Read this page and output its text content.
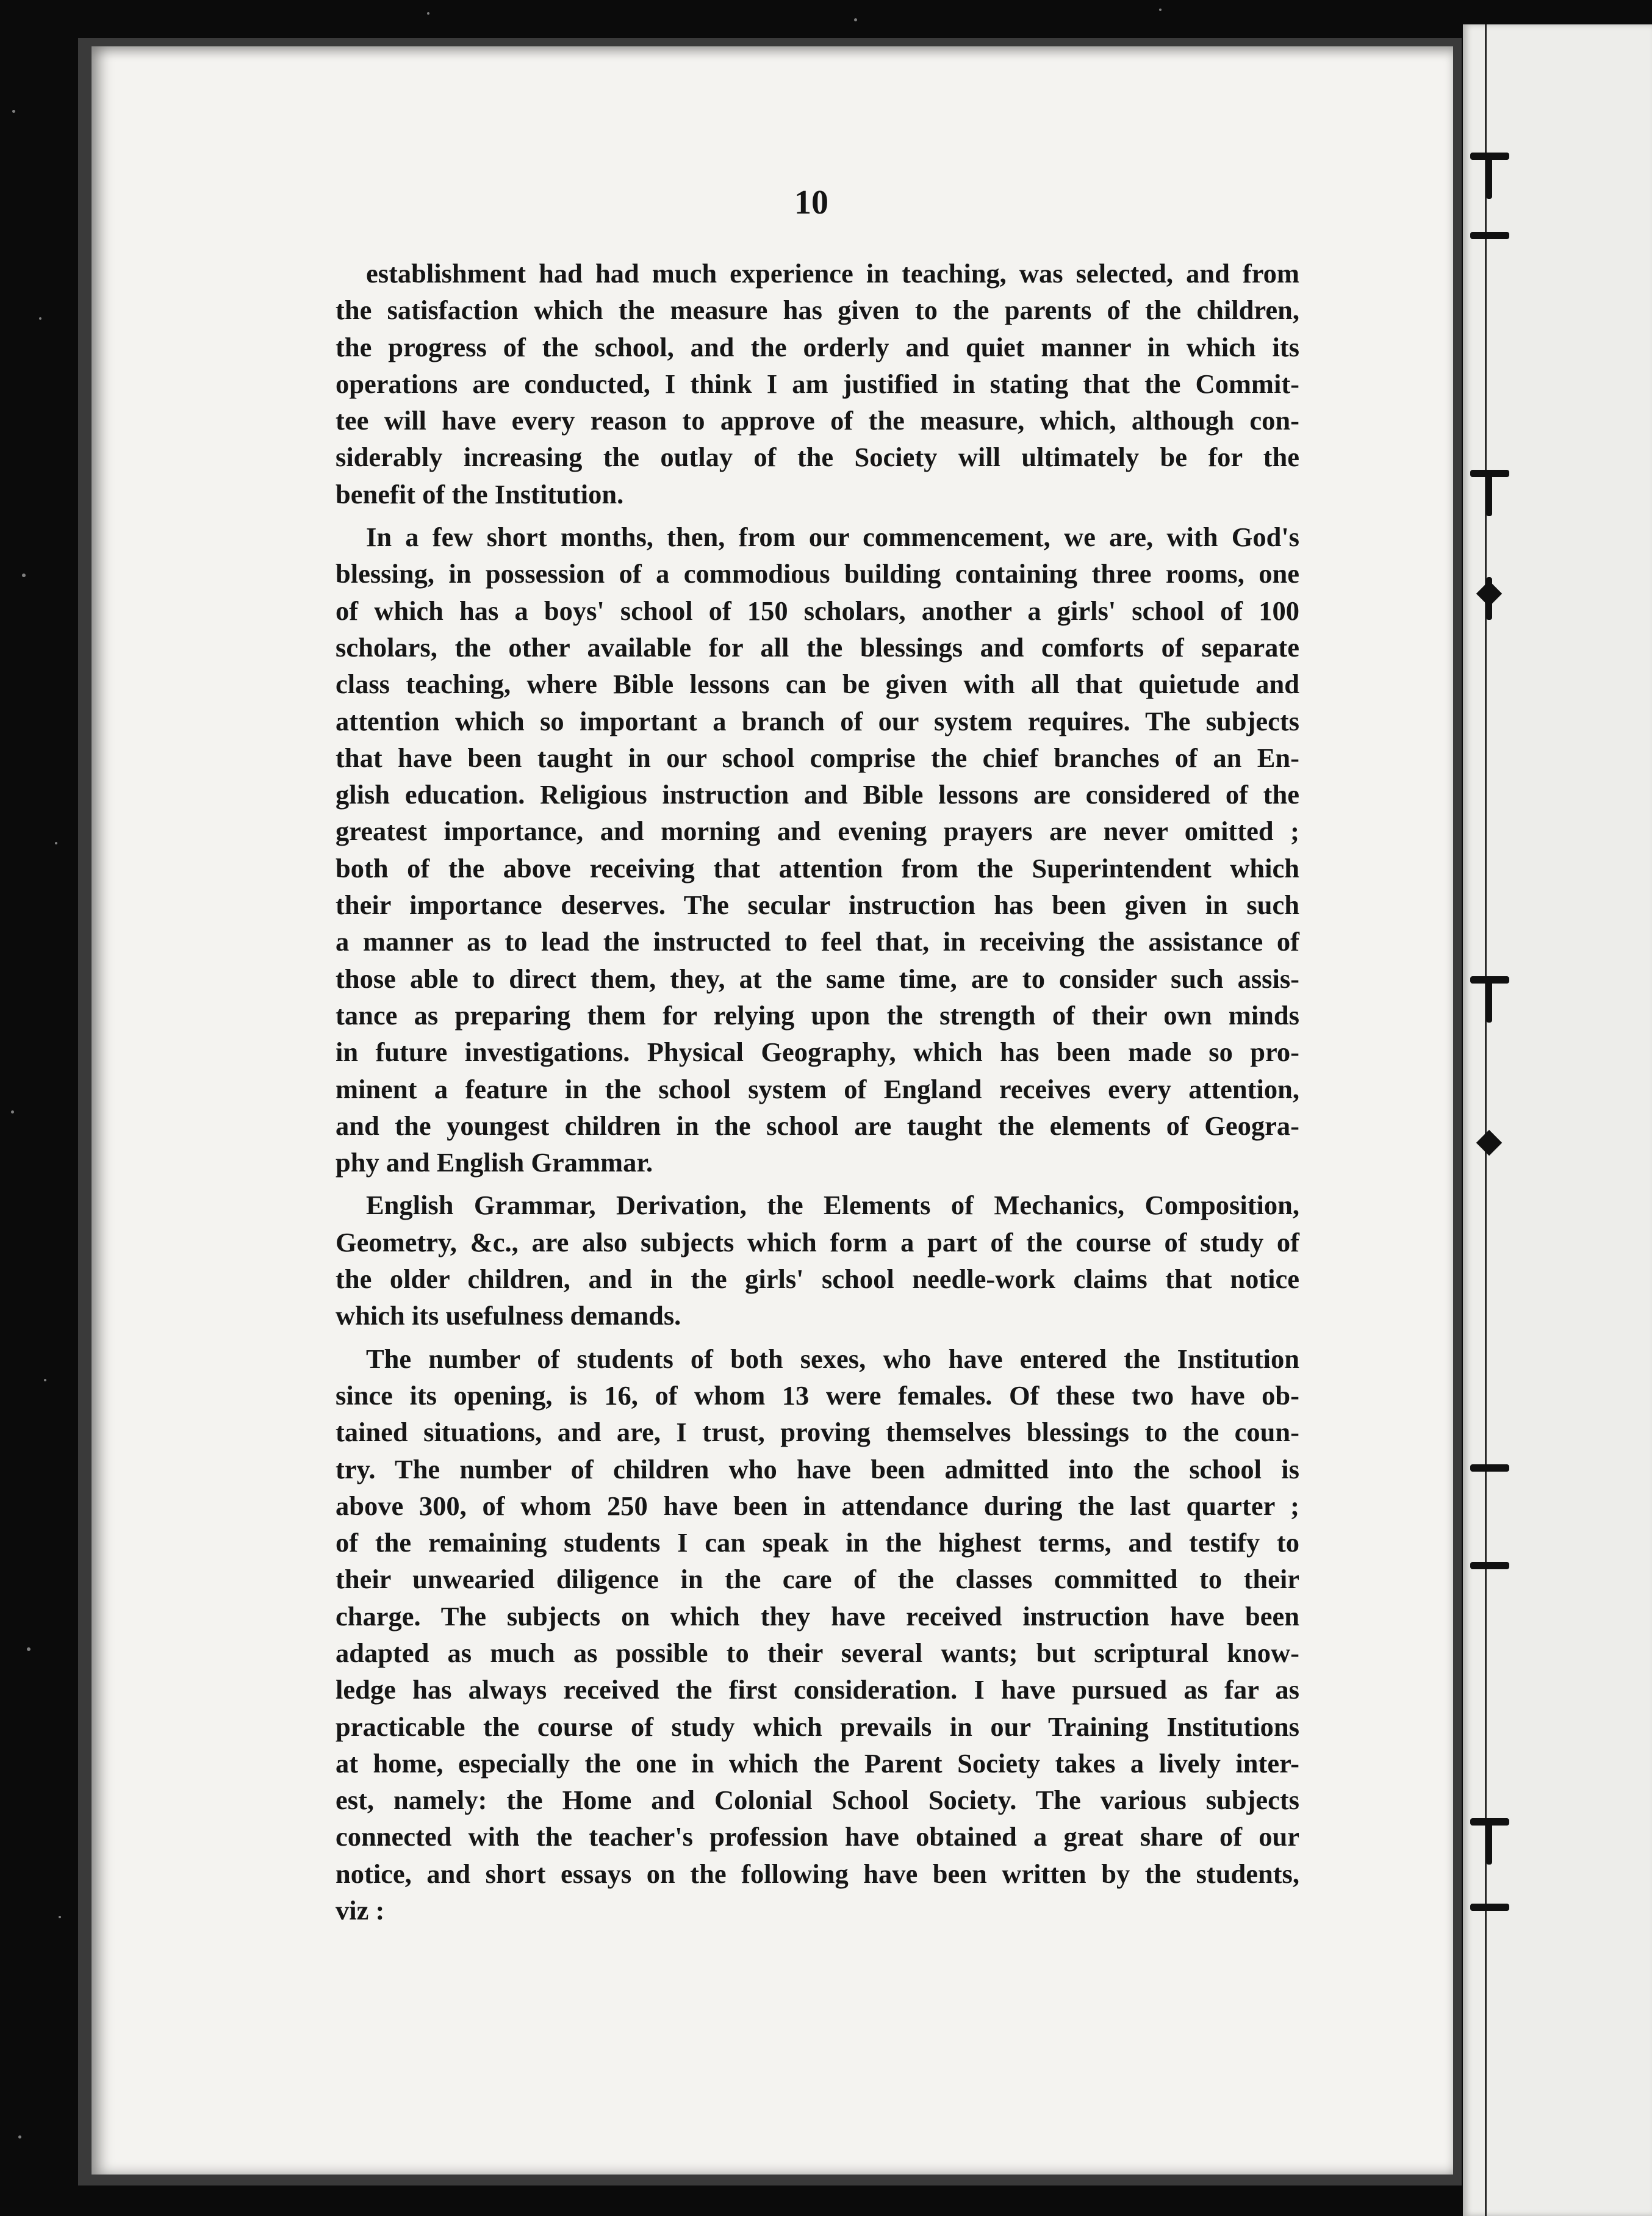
10
establishment had had much experience in teaching, was selected, and from
the satisfaction which the measure has given to the parents of the children,
the progress of the school, and the orderly and quiet manner in which its
operations are conducted, I think I am justified in stating that the Commit-
tee will have every reason to approve of the measure, which, although con-
siderably increasing the outlay of the Society will ultimately be for the
benefit of the Institution.
In a few short months, then, from our commencement, we are, with God's
blessing, in possession of a commodious building containing three rooms, one
of which has a boys' school of 150 scholars, another a girls' school of 100
scholars, the other available for all the blessings and comforts of separate
class teaching, where Bible lessons can be given with all that quietude and
attention which so important a branch of our system requires. The subjects
that have been taught in our school comprise the chief branches of an En-
glish education. Religious instruction and Bible lessons are considered of the
greatest importance, and morning and evening prayers are never omitted ;
both of the above receiving that attention from the Superintendent which
their importance deserves. The secular instruction has been given in such
a manner as to lead the instructed to feel that, in receiving the assistance of
those able to direct them, they, at the same time, are to consider such assis-
tance as preparing them for relying upon the strength of their own minds
in future investigations. Physical Geography, which has been made so pro-
minent a feature in the school system of England receives every attention,
and the youngest children in the school are taught the elements of Geogra-
phy and English Grammar.
English Grammar, Derivation, the Elements of Mechanics, Composition,
Geometry, &c., are also subjects which form a part of the course of study of
the older children, and in the girls' school needle-work claims that notice
which its usefulness demands.
The number of students of both sexes, who have entered the Institution
since its opening, is 16, of whom 13 were females. Of these two have ob-
tained situations, and are, I trust, proving themselves blessings to the coun-
try. The number of children who have been admitted into the school is
above 300, of whom 250 have been in attendance during the last quarter ;
of the remaining students I can speak in the highest terms, and testify to
their unwearied diligence in the care of the classes committed to their
charge. The subjects on which they have received instruction have been
adapted as much as possible to their several wants; but scriptural know-
ledge has always received the first consideration. I have pursued as far as
practicable the course of study which prevails in our Training Institutions
at home, especially the one in which the Parent Society takes a lively inter-
est, namely: the Home and Colonial School Society. The various subjects
connected with the teacher's profession have obtained a great share of our
notice, and short essays on the following have been written by the students,
viz :
